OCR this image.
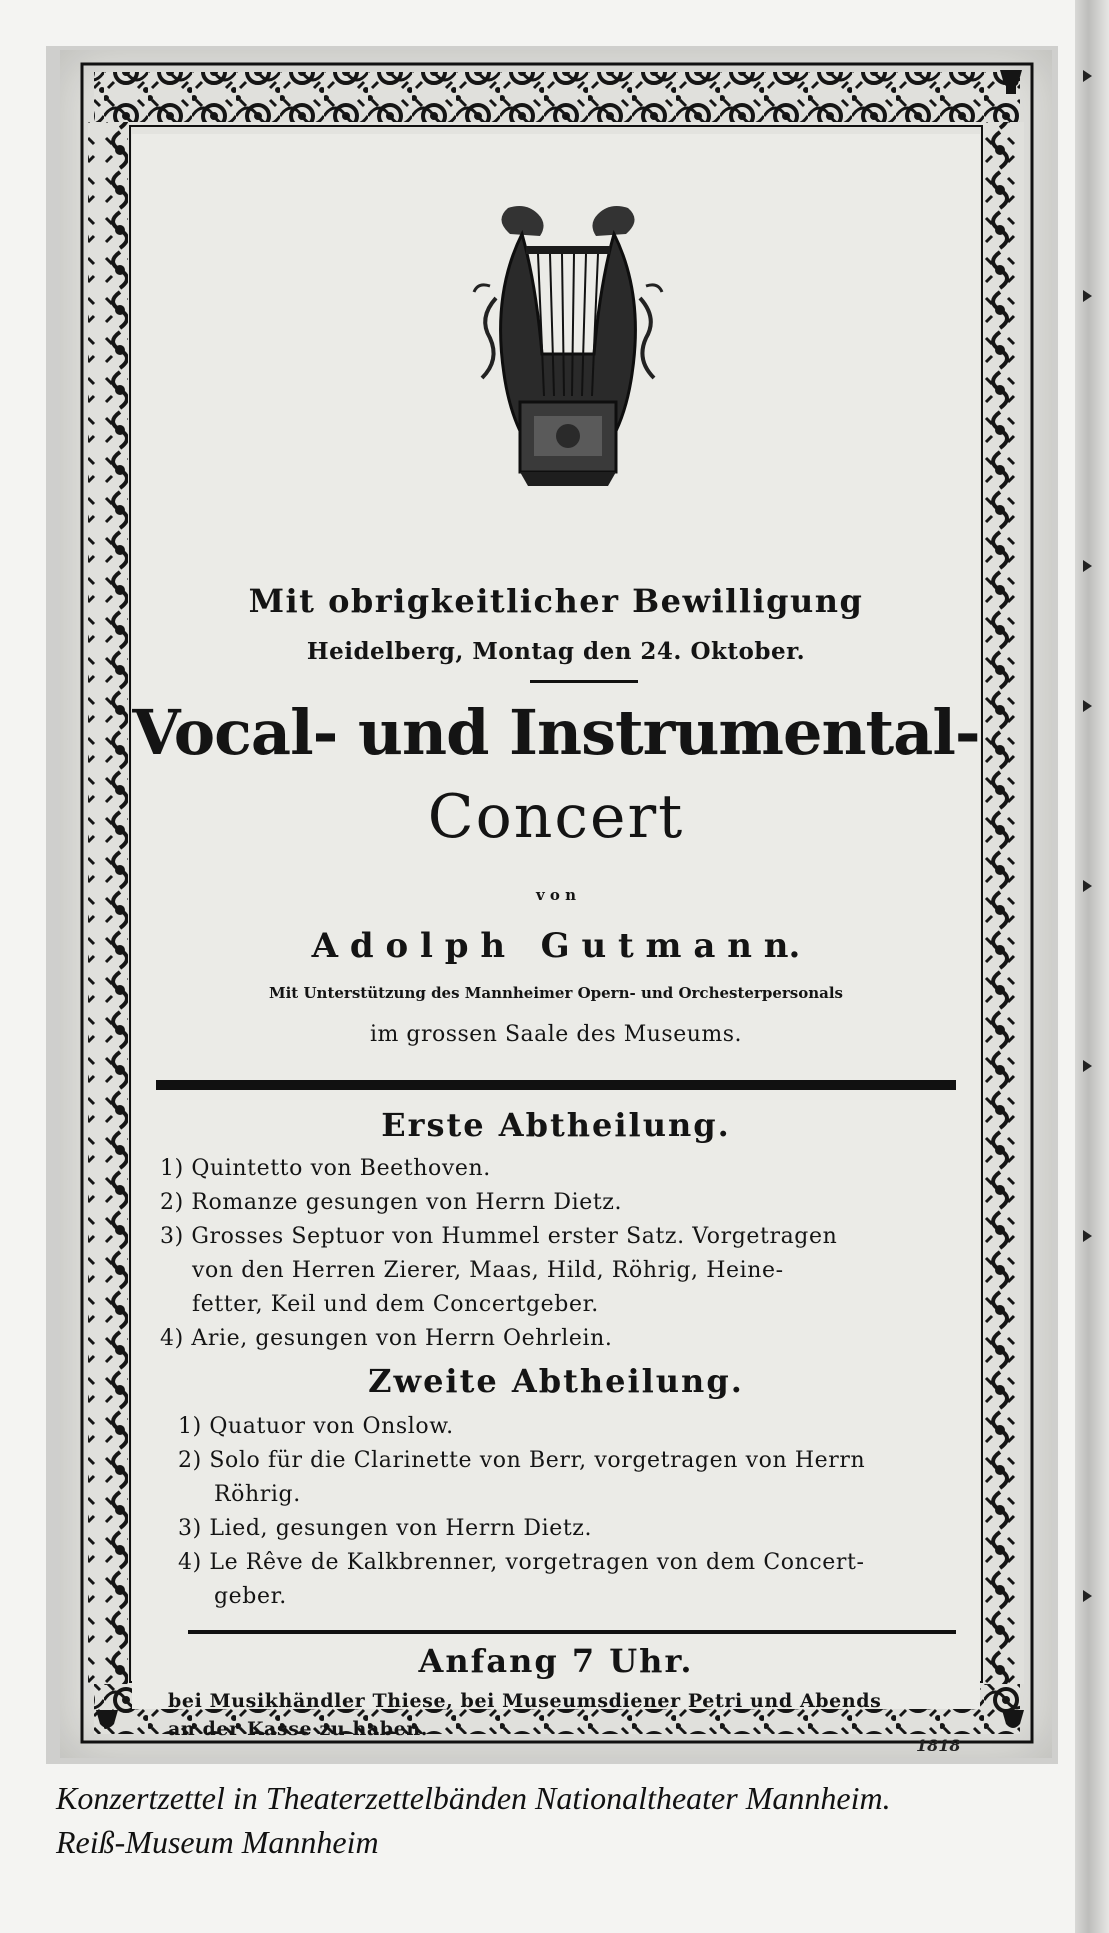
Mit obrigkeitlicher Bewilligung
Heidelberg, Montag den 24. Oktober.
Vocal- und Instrumental-
Concert
v o n
A d o l p h   G u t m a n n.
Mit Unterstützung des Mannheimer Opern- und Orchesterpersonals
im grossen Saale des Museums.
Erste Abtheilung.
1) Quintetto von Beethoven.
2) Romanze gesungen von Herrn Dietz.
3) Grosses Septuor von Hummel erster Satz. Vorgetragen
von den Herren Zierer, Maas, Hild, Röhrig, Heine-
fetter, Keil und dem Concertgeber.
4) Arie, gesungen von Herrn Oehrlein.
Zweite Abtheilung.
1) Quatuor von Onslow.
2) Solo für die Clarinette von Berr, vorgetragen von Herrn
Röhrig.
3) Lied, gesungen von Herrn Dietz.
4) Le Rêve de Kalkbrenner, vorgetragen von dem Concert-
geber.
Anfang 7 Uhr.
bei Musikhändler Thiese, bei Museumsdiener Petri und Abends
an der Kasse zu haben.
1818
Konzertzettel in Theaterzettelbänden Nationaltheater Mannheim.
Reiß-Museum Mannheim
